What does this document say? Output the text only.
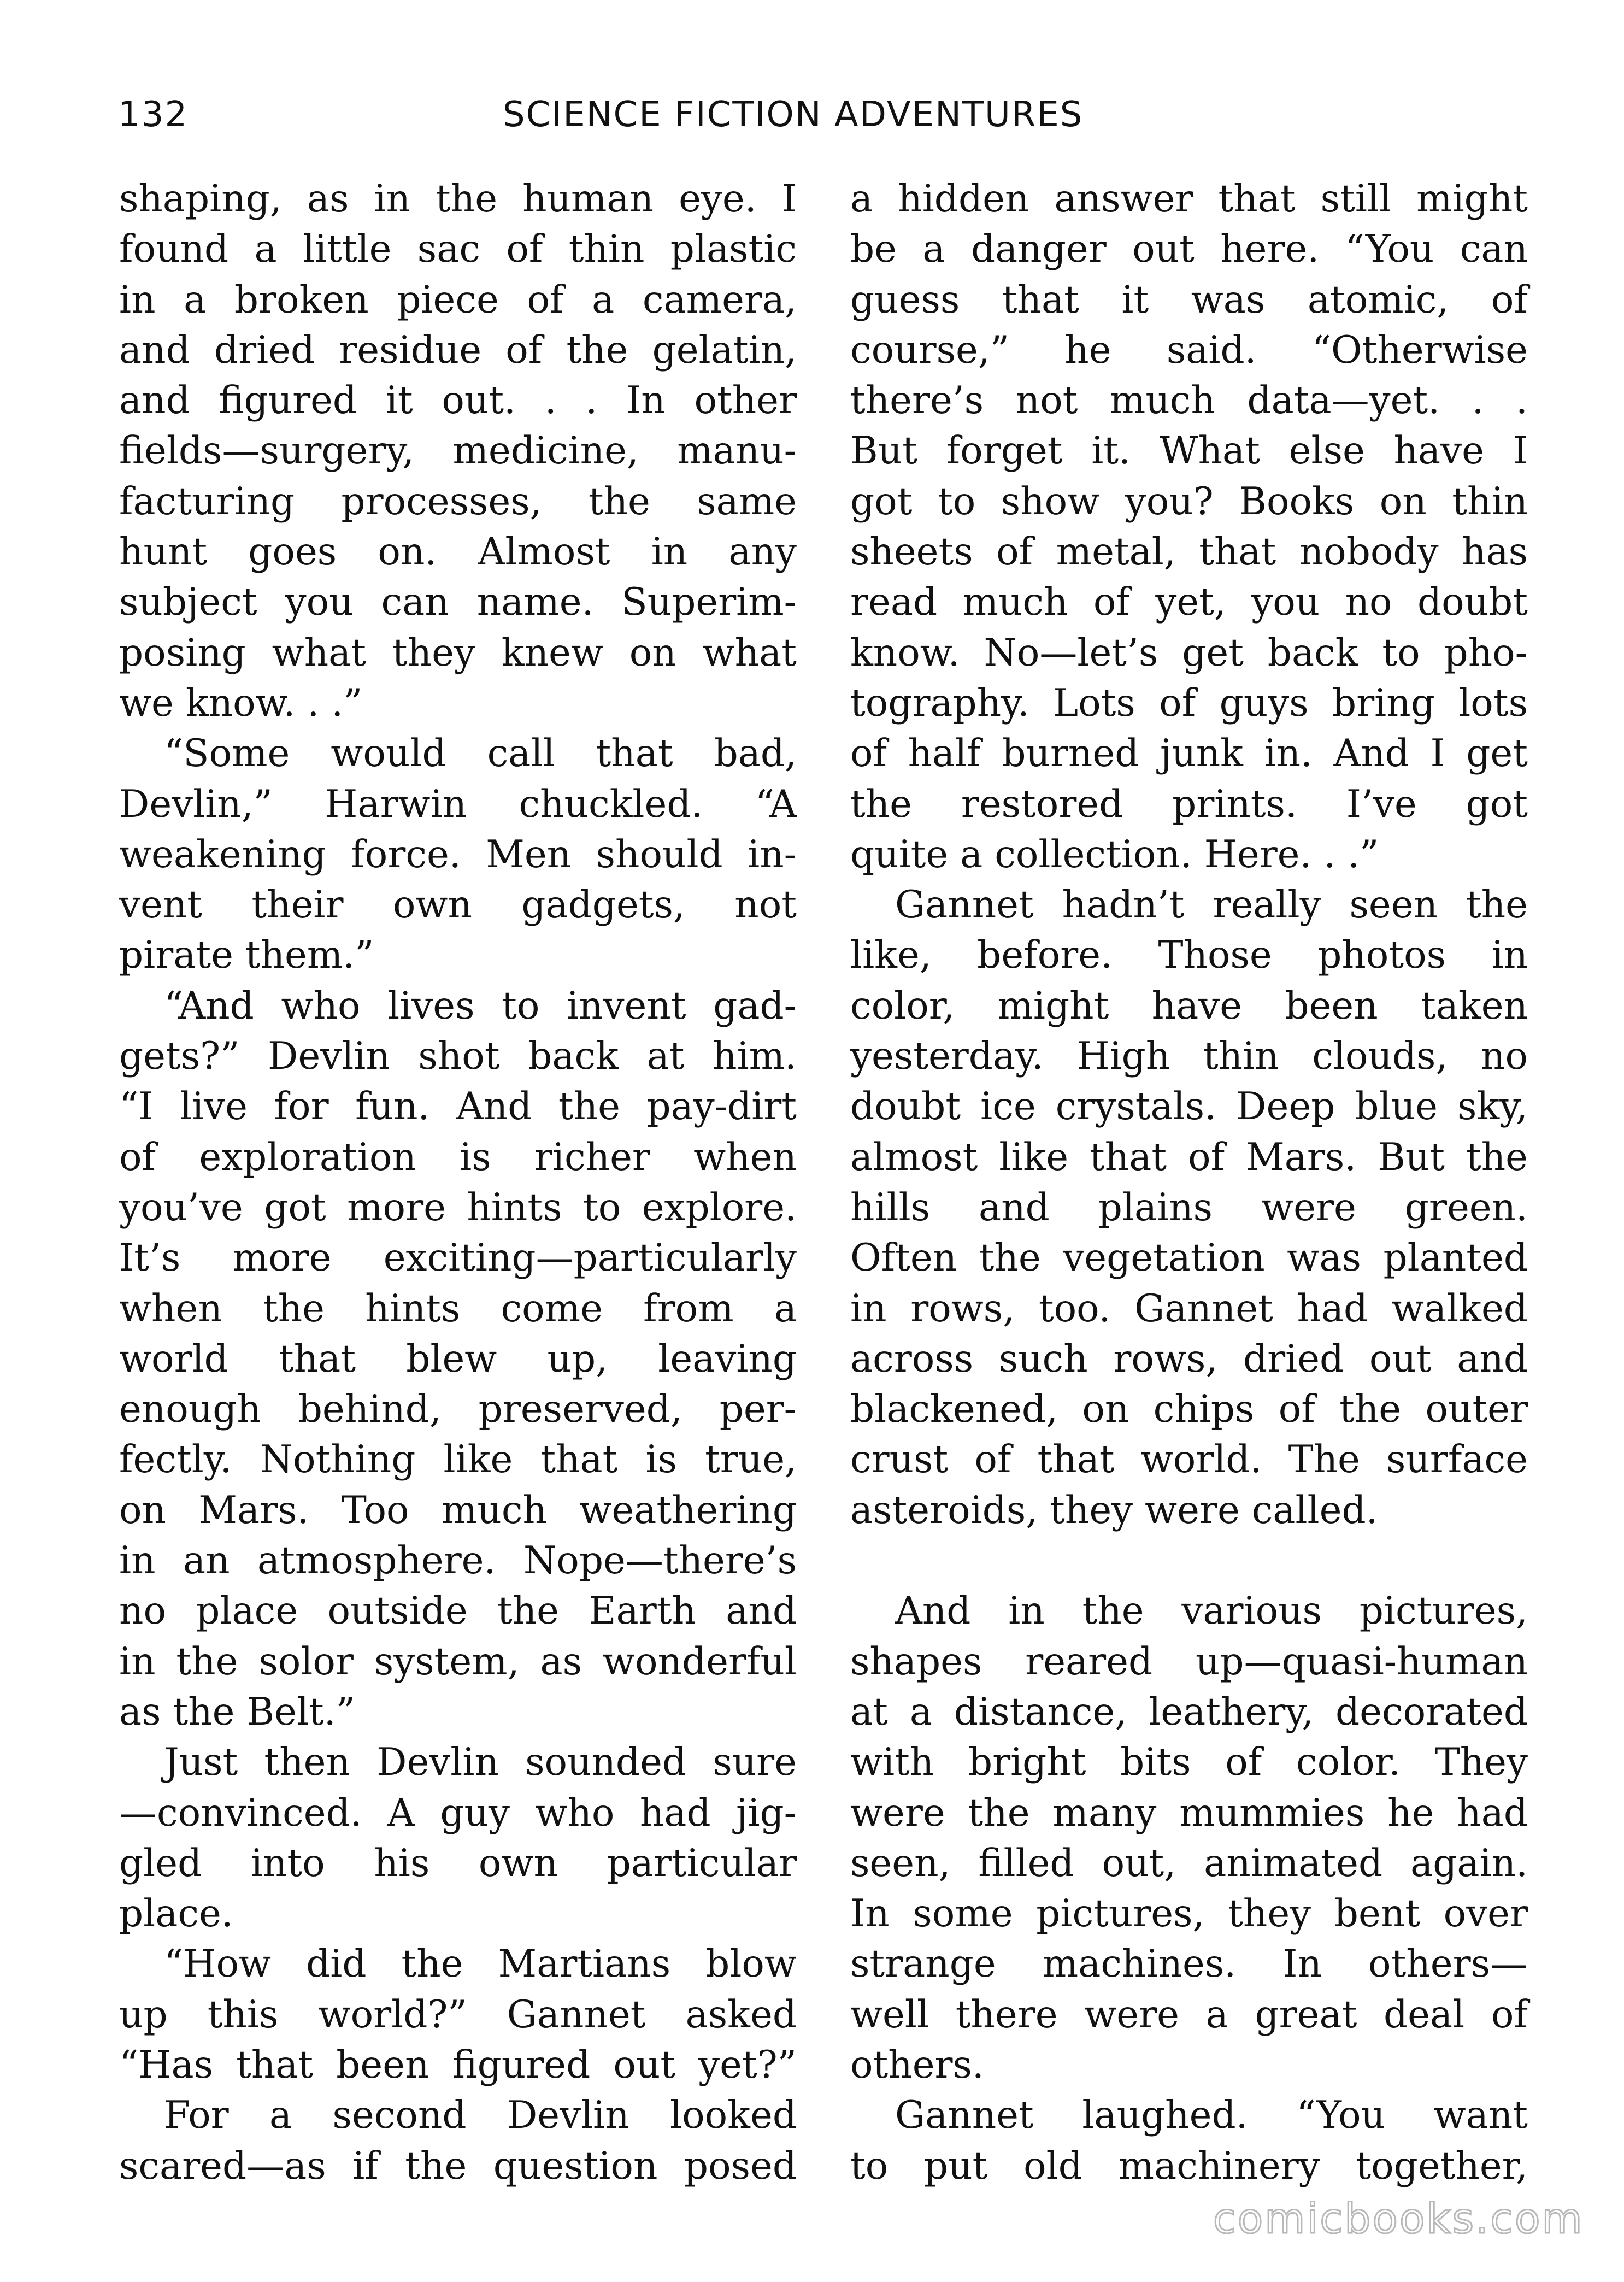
132	SCIENCE FICTION ADVENTURES
shaping, as in the human eye. I
found a little sac of thin plastic
in a broken piece of a camera,
and dried residue of the gelatin,
and figured it out. . . In other
fields—surgery, medicine, manu-
facturing processes, the same
hunt goes on. Almost in any
subject you can name. Superim-
posing what they knew on what
we know. . .”
“Some would call that bad,
Devlin,” Harwin chuckled. “A
weakening force. Men should in-
vent their own gadgets, not
pirate them.”
“And who lives to invent gad-
gets?” Devlin shot back at him.
“I live for fun. And the pay-dirt
of exploration is richer when
you’ve got more hints to explore.
It’s more exciting—particularly
when the hints come from a
world that blew up, leaving
enough behind, preserved, per-
fectly. Nothing like that is true,
on Mars. Too much weathering
in an atmosphere. Nope—there’s
no place outside the Earth and
in the solor system, as wonderful
as the Belt.”
Just then Devlin sounded sure
—convinced. A guy who had jig-
gled into his own particular
place.
“How did the Martians blow
up this world?” Gannet asked
“Has that been figured out yet?”
For a second Devlin looked
scared—as if the question posed
a hidden answer that still might
be a danger out here. “You can
guess that it was atomic, of
course,” he said. “Otherwise
there’s not much data—yet. . .
But forget it. What else have I
got to show you? Books on thin
sheets of metal, that nobody has
read much of yet, you no doubt
know. No—let’s get back to pho-
tography. Lots of guys bring lots
of half burned junk in. And I get
the restored prints. I’ve got
quite a collection. Here. . .”
Gannet hadn’t really seen the
like, before. Those photos in
color, might have been taken
yesterday. High thin clouds, no
doubt ice crystals. Deep blue sky,
almost like that of Mars. But the
hills and plains were green.
Often the vegetation was planted
in rows, too. Gannet had walked
across such rows, dried out and
blackened, on chips of the outer
crust of that world. The surface
asteroids, they were called.
And in the various pictures,
shapes reared up—quasi-human
at a distance, leathery, decorated
with bright bits of color. They
were the many mummies he had
seen, filled out, animated again.
In some pictures, they bent over
strange machines. In others—
well there were a great deal of
others.
Gannet laughed. “You want
to put old machinery together,
comicbooks.com
